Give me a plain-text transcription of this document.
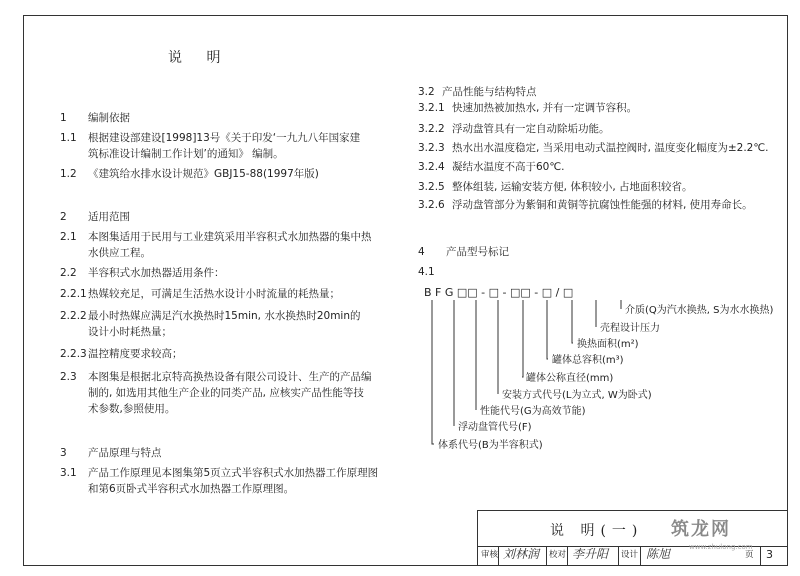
说 明
1 编制依据
1.1 根据建设部建设[1998]13号《关于印发‘一九九八年国家建
筑标准设计编制工作计划’的通知》 编制。
1.2 《建筑给水排水设计规范》GBJ15-88(1997年版)
2 适用范围
2.1 本图集适用于民用与工业建筑采用半容积式水加热器的集中热
水供应工程。
2.2 半容积式水加热器适用条件：
2.2.1 热媒较充足，可满足生活热水设计小时流量的耗热量；
2.2.2 最小时热媒应满足汽水换热时15min, 水水换热时20min的
设计小时耗热量；
2.2.3 温控精度要求较高；
2.3 本图集是根据北京特高换热设备有限公司设计、生产的产品编
制的, 如选用其他生产企业的同类产品, 应核实产品性能等技
术参数,参照使用。
3 产品原理与特点
3.1 产品工作原理见本图集第5页立式半容积式水加热器工作原理图
和第6页卧式半容积式水加热器工作原理图。
3.2 产品性能与结构特点
3.2.1 快速加热被加热水, 并有一定调节容积。
3.2.2 浮动盘管具有一定自动除垢功能。
3.2.3 热水出水温度稳定, 当采用电动式温控阀时, 温度变化幅度为±2.2℃.
3.2.4 凝结水温度不高于60℃.
3.2.5 整体组装, 运输安装方便, 体积较小, 占地面积较省。
3.2.6 浮动盘管部分为紫铜和黄铜等抗腐蚀性能强的材料, 使用寿命长。
4 产品型号标记
4.1
B F G □□ - □ - □□ - □ / □
介质(Q为汽水换热, S为水水换热)
壳程设计压力
换热面积(m²)
罐体总容积(m³)
罐体公称直径(mm)
安装方式代号(L为立式, W为卧式)
性能代号(G为高效节能)
浮动盘管代号(F)
体系代号(B为半容积式)
说 明(一)
审核 刘林润 校对 李升阳 设计 陈旭	页 3
筑龙网
www.zhulong.com
